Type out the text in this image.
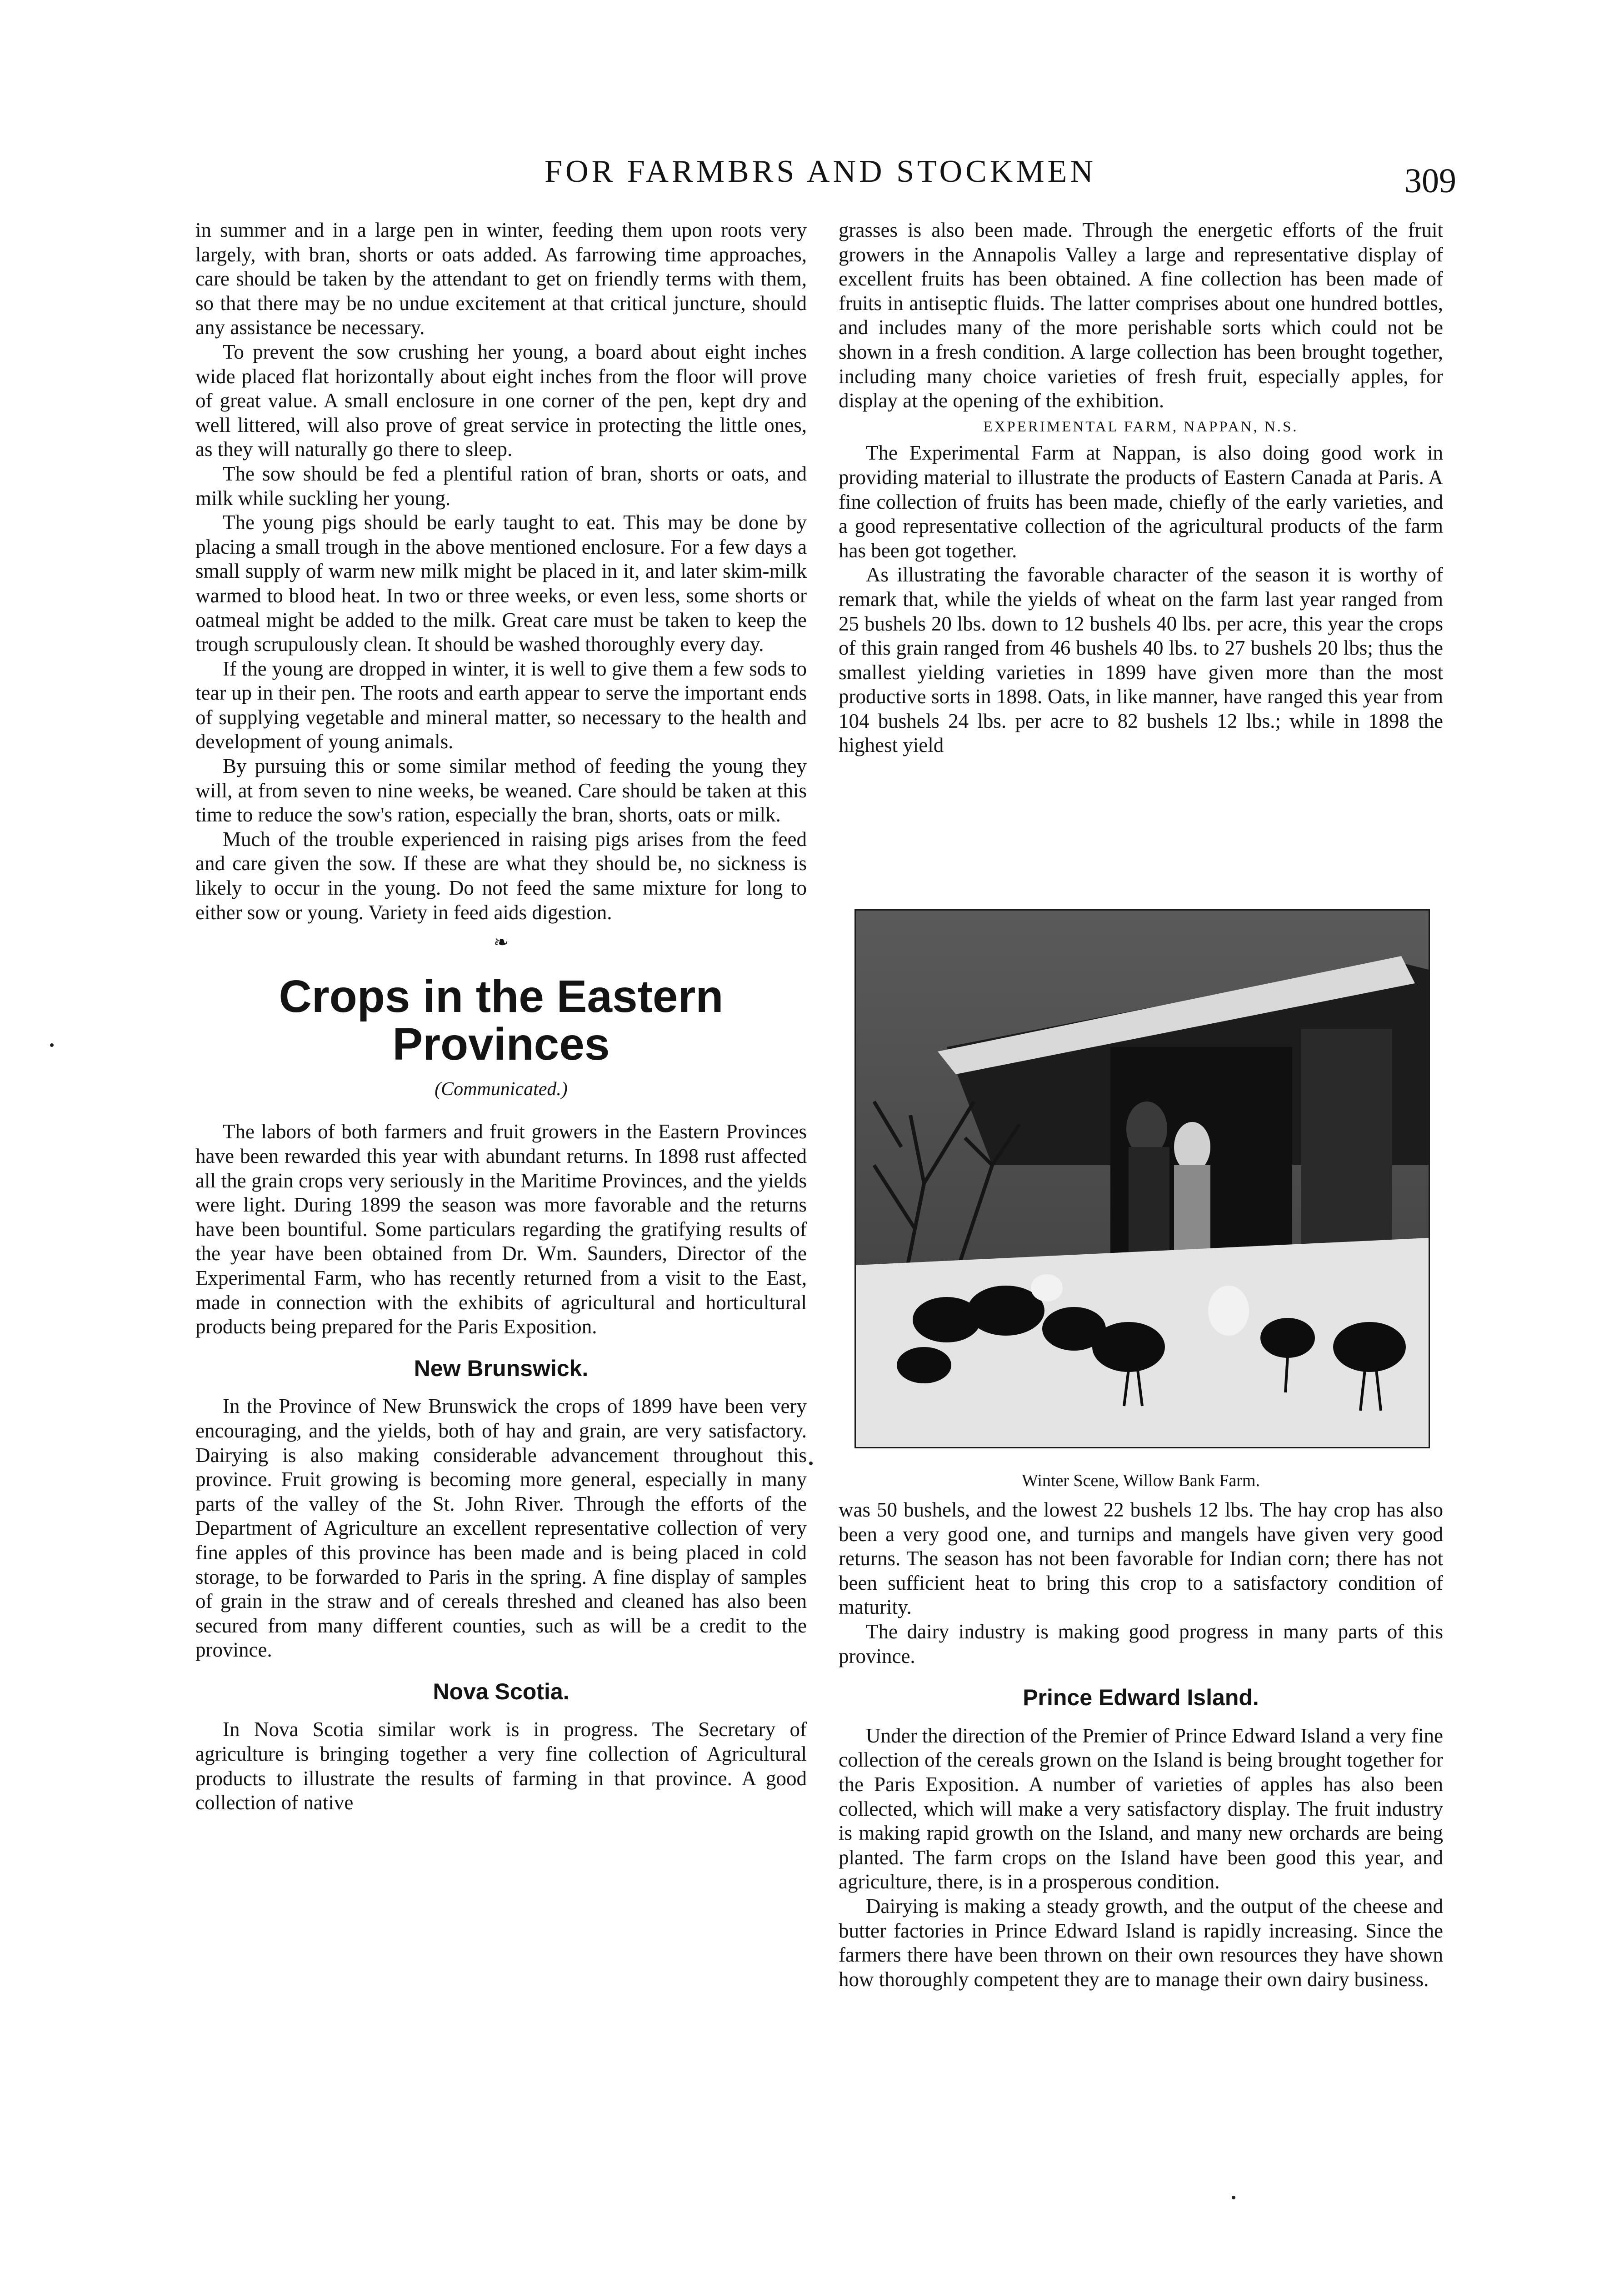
FOR FARMBRS AND STOCKMEN	309

in summer and in a large pen in winter, feeding them upon roots very largely, with bran, shorts or oats added. As farrowing time approaches, care should be taken by the attendant to get on friendly terms with them, so that there may be no undue excitement at that critical juncture, should any assistance be necessary.

To prevent the sow crushing her young, a board about eight inches wide placed flat horizontally about eight inches from the floor will prove of great value. A small enclosure in one corner of the pen, kept dry and well littered, will also prove of great service in protecting the little ones, as they will naturally go there to sleep.

The sow should be fed a plentiful ration of bran, shorts or oats, and milk while suckling her young.

The young pigs should be early taught to eat. This may be done by placing a small trough in the above mentioned enclosure. For a few days a small supply of warm new milk might be placed in it, and later skim-milk warmed to blood heat. In two or three weeks, or even less, some shorts or oatmeal might be added to the milk. Great care must be taken to keep the trough scrupulously clean. It should be washed thoroughly every day.

If the young are dropped in winter, it is well to give them a few sods to tear up in their pen. The roots and earth appear to serve the important ends of supplying vegetable and mineral matter, so necessary to the health and development of young animals.

By pursuing this or some similar method of feeding the young they will, at from seven to nine weeks, be weaned. Care should be taken at this time to reduce the sow's ration, especially the bran, shorts, oats or milk.

Much of the trouble experienced in raising pigs arises from the feed and care given the sow. If these are what they should be, no sickness is likely to occur in the young. Do not feed the same mixture for long to either sow or young. Variety in feed aids digestion.

❧
Crops in the Eastern Provinces
(Communicated.)

The labors of both farmers and fruit growers in the Eastern Provinces have been rewarded this year with abundant returns. In 1898 rust affected all the grain crops very seriously in the Maritime Provinces, and the yields were light. During 1899 the season was more favorable and the returns have been bountiful. Some particulars regarding the gratifying results of the year have been obtained from Dr. Wm. Saunders, Director of the Experimental Farm, who has recently returned from a visit to the East, made in connection with the exhibits of agricultural and horticultural products being prepared for the Paris Exposition.

New Brunswick.

In the Province of New Brunswick the crops of 1899 have been very encouraging, and the yields, both of hay and grain, are very satisfactory. Dairying is also making considerable advancement throughout this province. Fruit growing is becoming more general, especially in many parts of the valley of the St. John River. Through the efforts of the Department of Agriculture an excellent representative collection of very fine apples of this province has been made and is being placed in cold storage, to be forwarded to Paris in the spring. A fine display of samples of grain in the straw and of cereals threshed and cleaned has also been secured from many different counties, such as will be a credit to the province.

Nova Scotia.

In Nova Scotia similar work is in progress. The Secretary of agriculture is bringing together a very fine collection of Agricultural products to illustrate the results of farming in that province. A good collection of native

grasses is also been made. Through the energetic efforts of the fruit growers in the Annapolis Valley a large and representative display of excellent fruits has been obtained. A fine collection has been made of fruits in antiseptic fluids. The latter comprises about one hundred bottles, and includes many of the more perishable sorts which could not be shown in a fresh condition. A large collection has been brought together, including many choice varieties of fresh fruit, especially apples, for display at the opening of the exhibition.

EXPERIMENTAL FARM, NAPPAN, N.S.

The Experimental Farm at Nappan, is also doing good work in providing material to illustrate the products of Eastern Canada at Paris. A fine collection of fruits has been made, chiefly of the early varieties, and a good representative collection of the agricultural products of the farm has been got together.

As illustrating the favorable character of the season it is worthy of remark that, while the yields of wheat on the farm last year ranged from 25 bushels 20 lbs. down to 12 bushels 40 lbs. per acre, this year the crops of this grain ranged from 46 bushels 40 lbs. to 27 bushels 20 lbs; thus the smallest yielding varieties in 1899 have given more than the most productive sorts in 1898. Oats, in like manner, have ranged this year from 104 bushels 24 lbs. per acre to 82 bushels 12 lbs.; while in 1898 the highest yield

Winter Scene, Willow Bank Farm.

was 50 bushels, and the lowest 22 bushels 12 lbs. The hay crop has also been a very good one, and turnips and mangels have given very good returns. The season has not been favorable for Indian corn; there has not been sufficient heat to bring this crop to a satisfactory condition of maturity.

The dairy industry is making good progress in many parts of this province.

Prince Edward Island.

Under the direction of the Premier of Prince Edward Island a very fine collection of the cereals grown on the Island is being brought together for the Paris Exposition. A number of varieties of apples has also been collected, which will make a very satisfactory display. The fruit industry is making rapid growth on the Island, and many new orchards are being planted. The farm crops on the Island have been good this year, and agriculture, there, is in a prosperous condition.

Dairying is making a steady growth, and the output of the cheese and butter factories in Prince Edward Island is rapidly increasing. Since the farmers there have been thrown on their own resources they have shown how thoroughly competent they are to manage their own dairy business.
